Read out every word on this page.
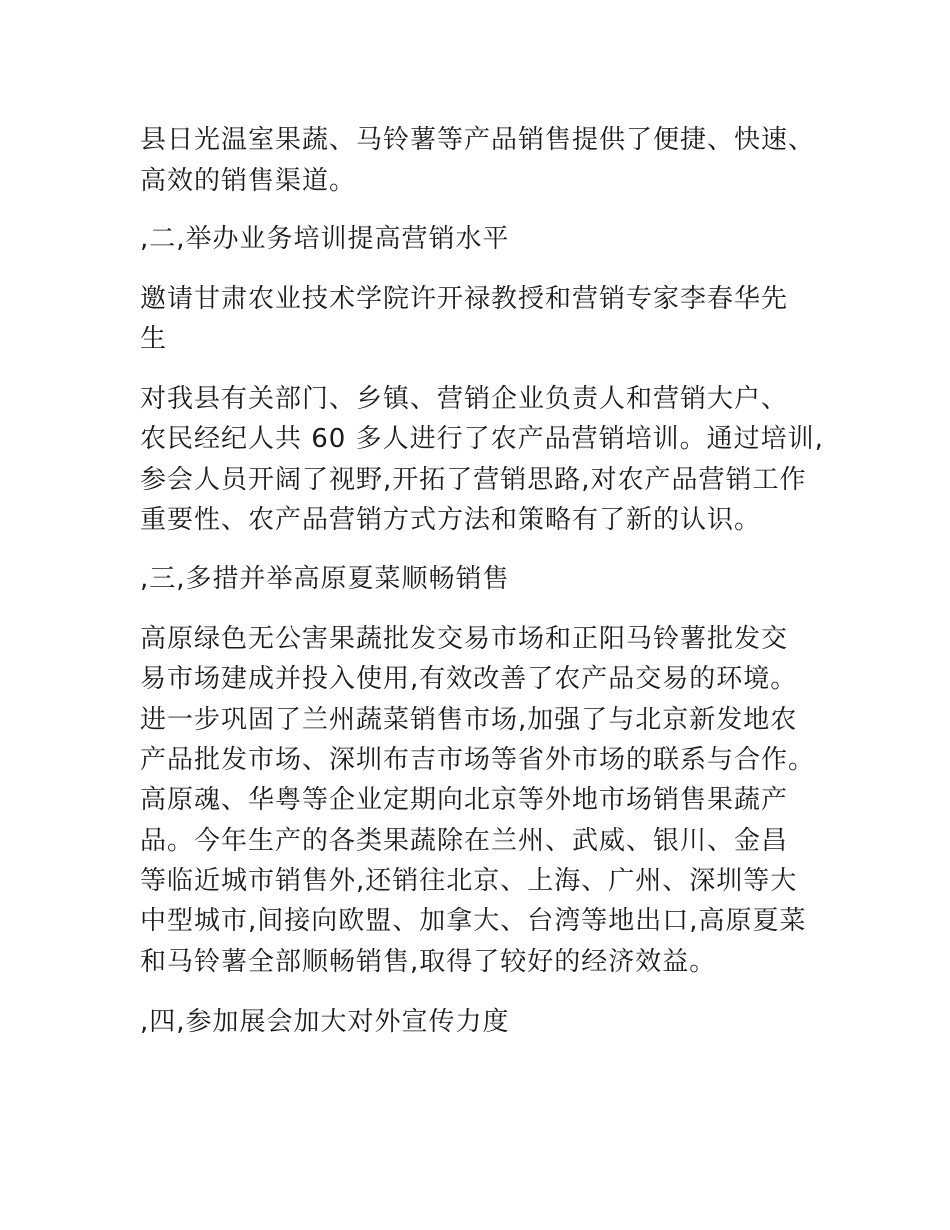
县日光温室果蔬、马铃薯等产品销售提供了便捷、快速、
高效的销售渠道。
,二,举办业务培训提高营销水平
邀请甘肃农业技术学院许开禄教授和营销专家李春华先
生
对我县有关部门、乡镇、营销企业负责人和营销大户、
农民经纪人共 60 多人进行了农产品营销培训。通过培训,
参会人员开阔了视野,开拓了营销思路,对农产品营销工作
重要性、农产品营销方式方法和策略有了新的认识。
,三,多措并举高原夏菜顺畅销售
高原绿色无公害果蔬批发交易市场和正阳马铃薯批发交
易市场建成并投入使用,有效改善了农产品交易的环境。
进一步巩固了兰州蔬菜销售市场,加强了与北京新发地农
产品批发市场、深圳布吉市场等省外市场的联系与合作。
高原魂、华粤等企业定期向北京等外地市场销售果蔬产
品。今年生产的各类果蔬除在兰州、武威、银川、金昌
等临近城市销售外,还销往北京、上海、广州、深圳等大
中型城市,间接向欧盟、加拿大、台湾等地出口,高原夏菜
和马铃薯全部顺畅销售,取得了较好的经济效益。
,四,参加展会加大对外宣传力度
